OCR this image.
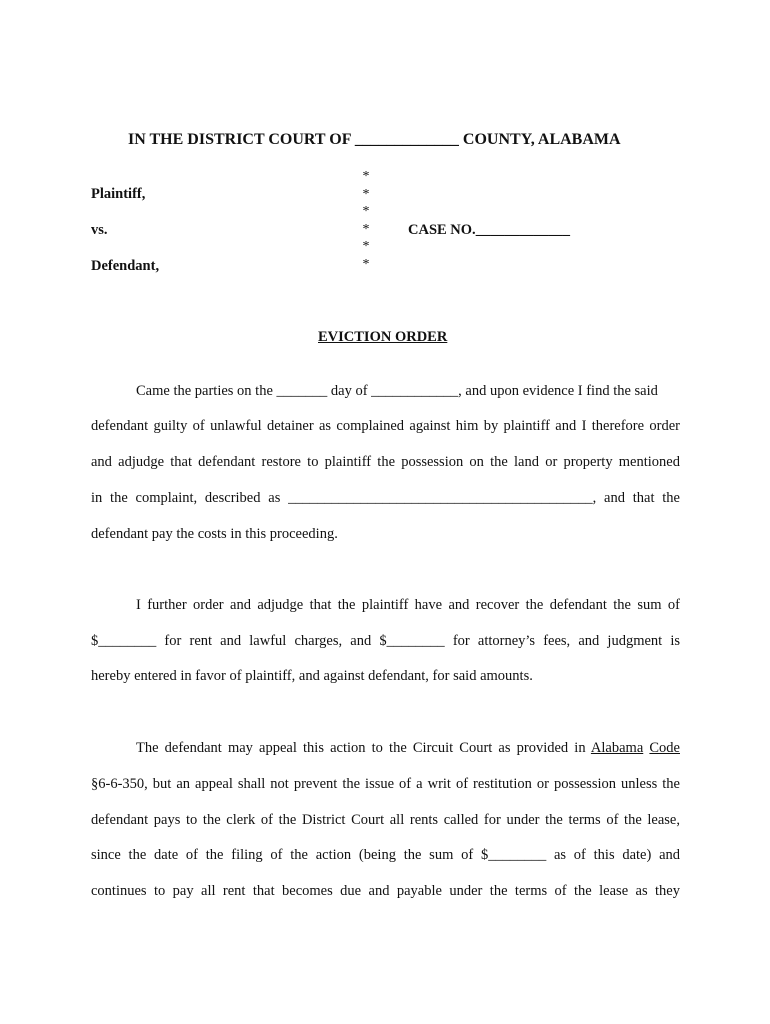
IN THE DISTRICT COURT OF _____________ COUNTY, ALABAMA
Plaintiff,
vs.
Defendant,
*
*
*
*
*
*
CASE NO._____________
EVICTION ORDER
Came the parties on the _______ day of ____________, and upon evidence I find the said
defendant guilty of unlawful detainer as complained against him by plaintiff and I therefore order
and adjudge that defendant restore to plaintiff the possession on the land or property mentioned
in the complaint, described as __________________________________________, and that the
defendant pay the costs in this proceeding.
I further order and adjudge that the plaintiff have and recover the defendant the sum of
$________ for rent and lawful charges, and $________ for attorney’s fees, and judgment is
hereby entered in favor of plaintiff, and against defendant, for said amounts.
The defendant may appeal this action to the Circuit Court as provided in Alabama Code
§6-6-350, but an appeal shall not prevent the issue of a writ of restitution or possession unless the
defendant pays to the clerk of the District Court all rents called for under the terms of the lease,
since the date of the filing of the action (being the sum of $________ as of this date) and
continues to pay all rent that becomes due and payable under the terms of the lease as they
